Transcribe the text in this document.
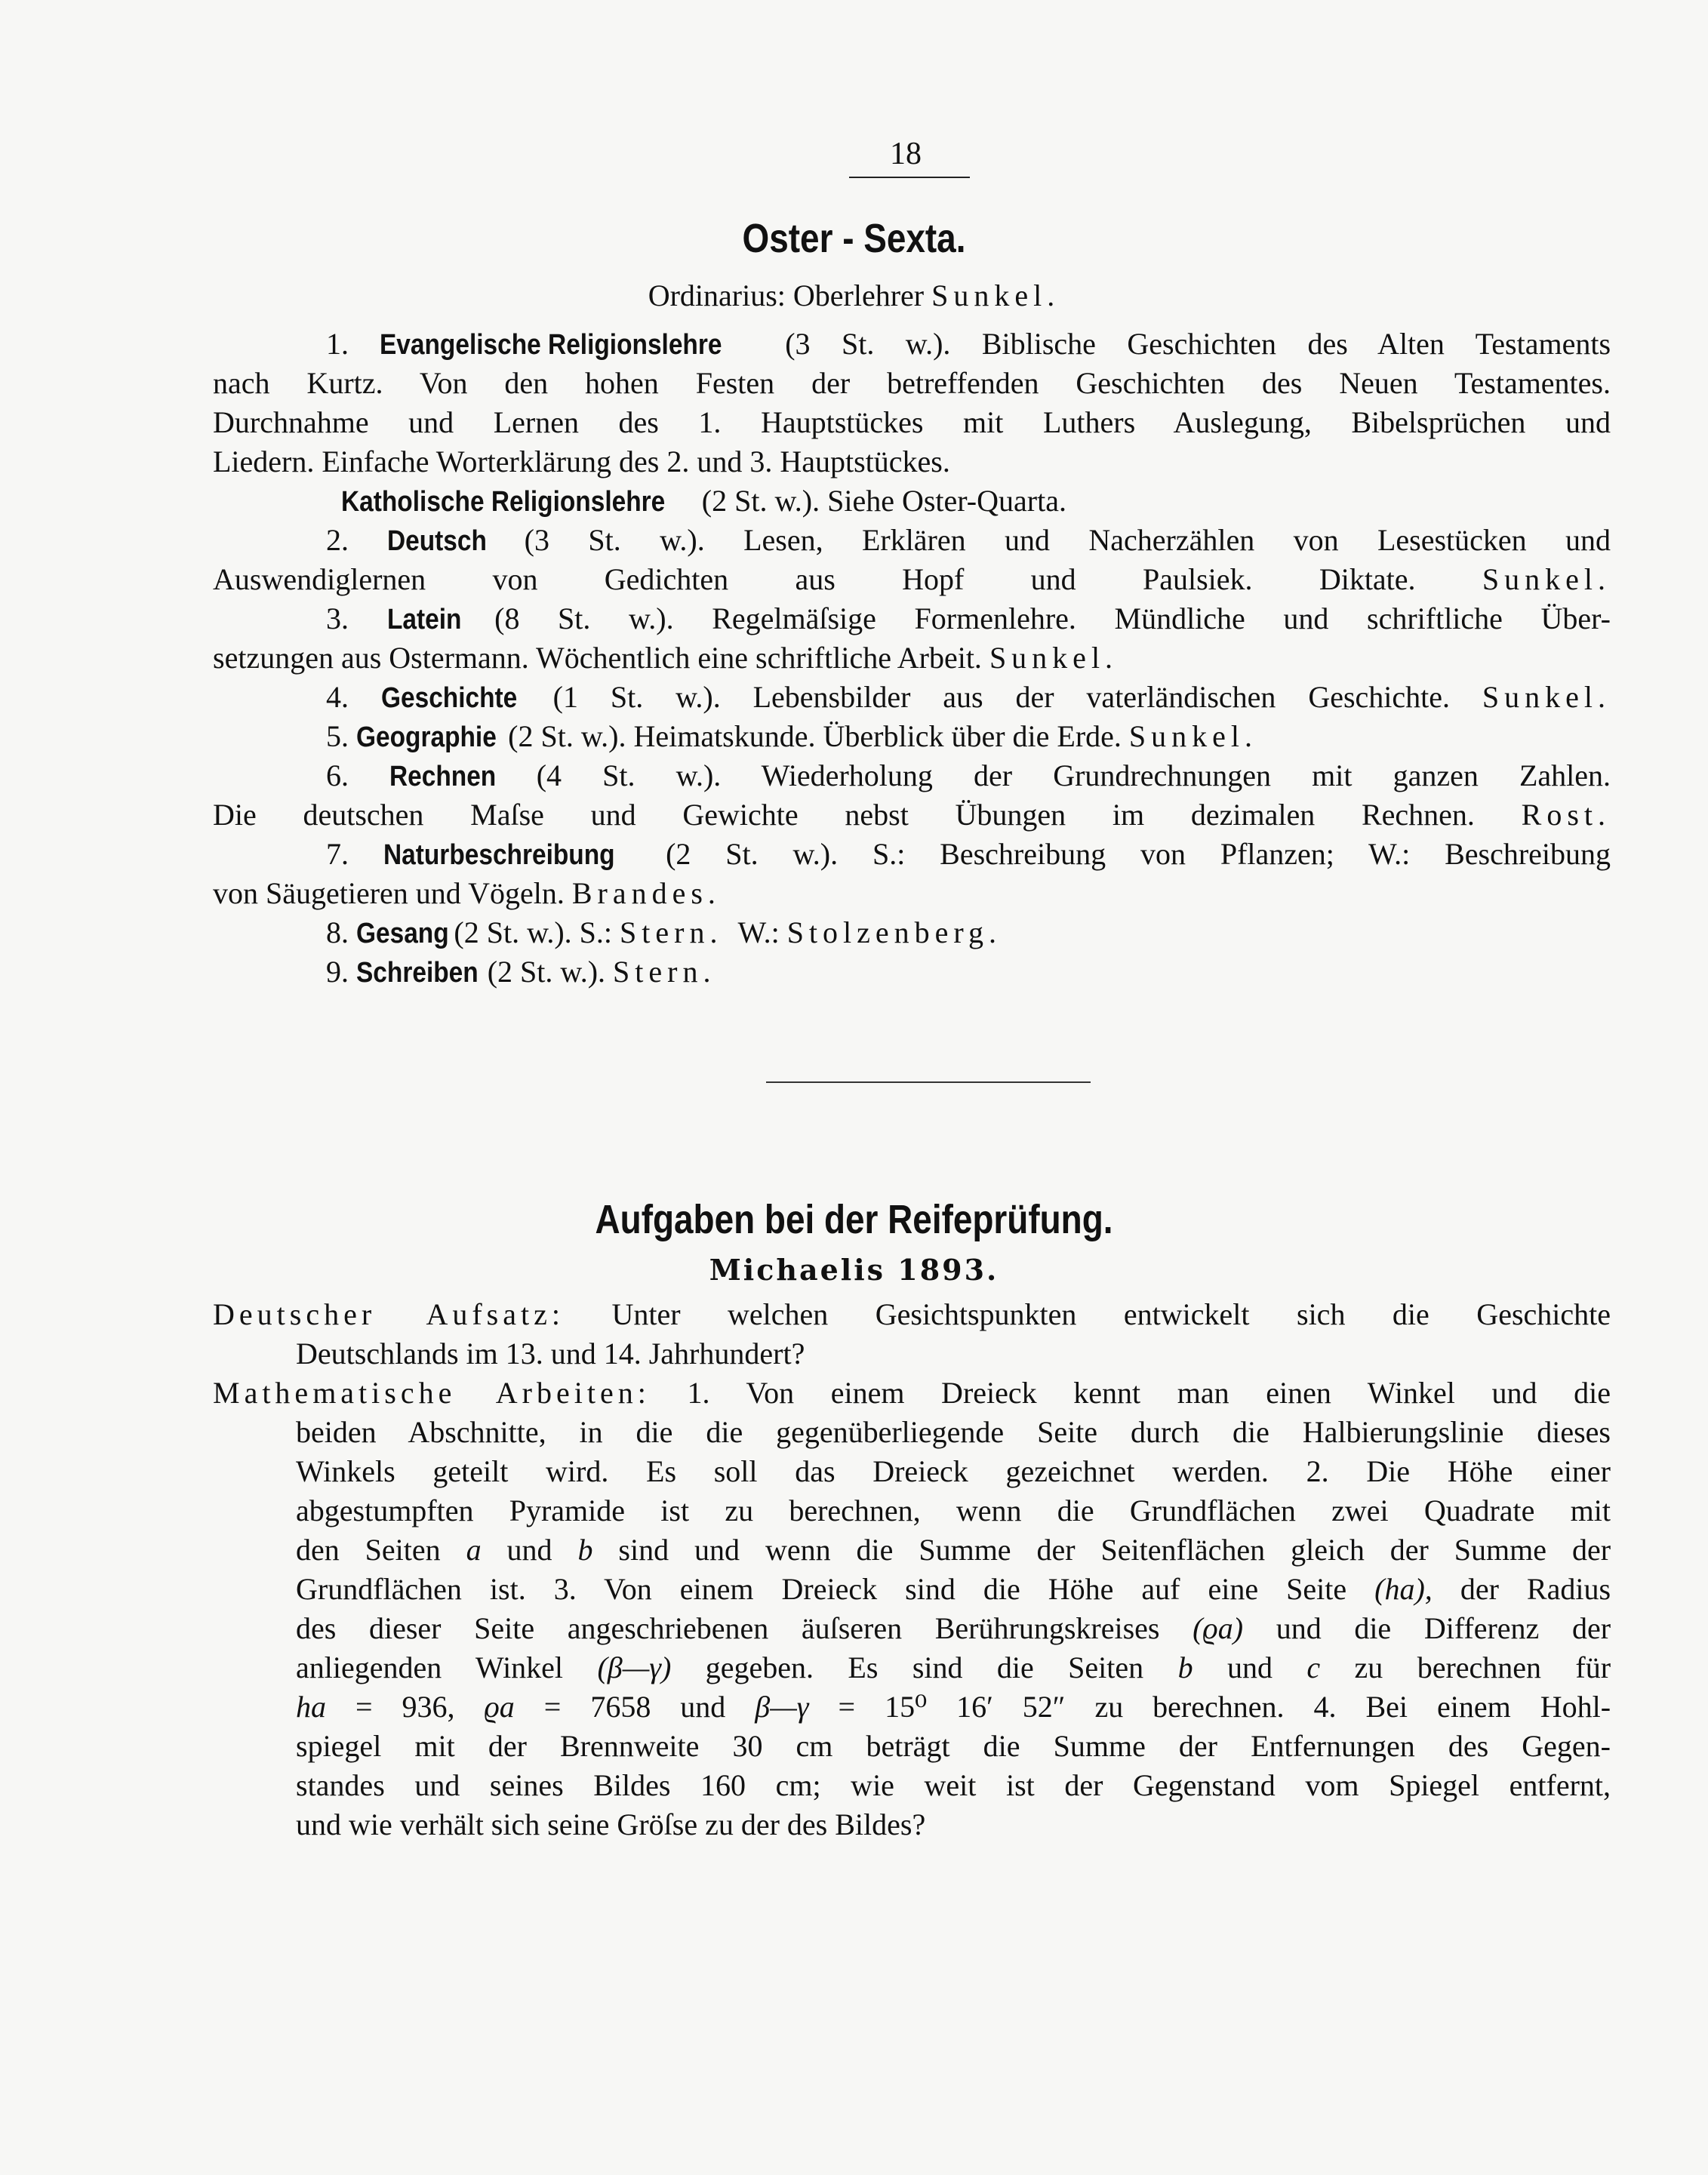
18
Oster - Sexta.
Ordinarius: Oberlehrer Sunkel.
1. Evangelische Religionslehre (3 St. w.). Biblische Geschichten des Alten Testaments
nach Kurtz. Von den hohen Festen der betreffenden Geschichten des Neuen Testamentes.
Durchnahme und Lernen des 1. Hauptstückes mit Luthers Auslegung, Bibelsprüchen und
Liedern. Einfache Worterklärung des 2. und 3. Hauptstückes.
Katholische Religionslehre (2 St. w.). Siehe Oster-Quarta.
2. Deutsch (3 St. w.). Lesen, Erklären und Nacherzählen von Lesestücken und
Auswendiglernen von Gedichten aus Hopf und Paulsiek. Diktate. Sunkel.
3. Latein (8 St. w.). Regelmäſsige Formenlehre. Mündliche und schriftliche Über-
setzungen aus Ostermann. Wöchentlich eine schriftliche Arbeit. Sunkel.
4. Geschichte (1 St. w.). Lebensbilder aus der vaterländischen Geschichte. Sunkel.
5. Geographie (2 St. w.). Heimatskunde. Überblick über die Erde. Sunkel.
6. Rechnen (4 St. w.). Wiederholung der Grundrechnungen mit ganzen Zahlen.
Die deutschen Maſse und Gewichte nebst Übungen im dezimalen Rechnen. Rost.
7. Naturbeschreibung (2 St. w.). S.: Beschreibung von Pflanzen; W.: Beschreibung
von Säugetieren und Vögeln. Brandes.
8. Gesang (2 St. w.). S.: Stern. W.: Stolzenberg.
9. Schreiben (2 St. w.). Stern.
Aufgaben bei der Reifeprüfung.
Michaelis 1893.
Deutscher Aufsatz: Unter welchen Gesichtspunkten entwickelt sich die Geschichte
Deutschlands im 13. und 14. Jahrhundert?
Mathematische Arbeiten: 1. Von einem Dreieck kennt man einen Winkel und die
beiden Abschnitte, in die die gegenüberliegende Seite durch die Halbierungslinie dieses
Winkels geteilt wird. Es soll das Dreieck gezeichnet werden. 2. Die Höhe einer
abgestumpften Pyramide ist zu berechnen, wenn die Grundflächen zwei Quadrate mit
den Seiten a und b sind und wenn die Summe der Seitenflächen gleich der Summe der
Grundflächen ist. 3. Von einem Dreieck sind die Höhe auf eine Seite (ha), der Radius
des dieser Seite angeschriebenen äuſseren Berührungskreises (ϱa) und die Differenz der
anliegenden Winkel (β—γ) gegeben. Es sind die Seiten b und c zu berechnen für
ha = 936, ϱa = 7658 und β—γ = 15⁰ 16′ 52″ zu berechnen. 4. Bei einem Hohl-
spiegel mit der Brennweite 30 cm beträgt die Summe der Entfernungen des Gegen-
standes und seines Bildes 160 cm; wie weit ist der Gegenstand vom Spiegel entfernt,
und wie verhält sich seine Gröſse zu der des Bildes?
